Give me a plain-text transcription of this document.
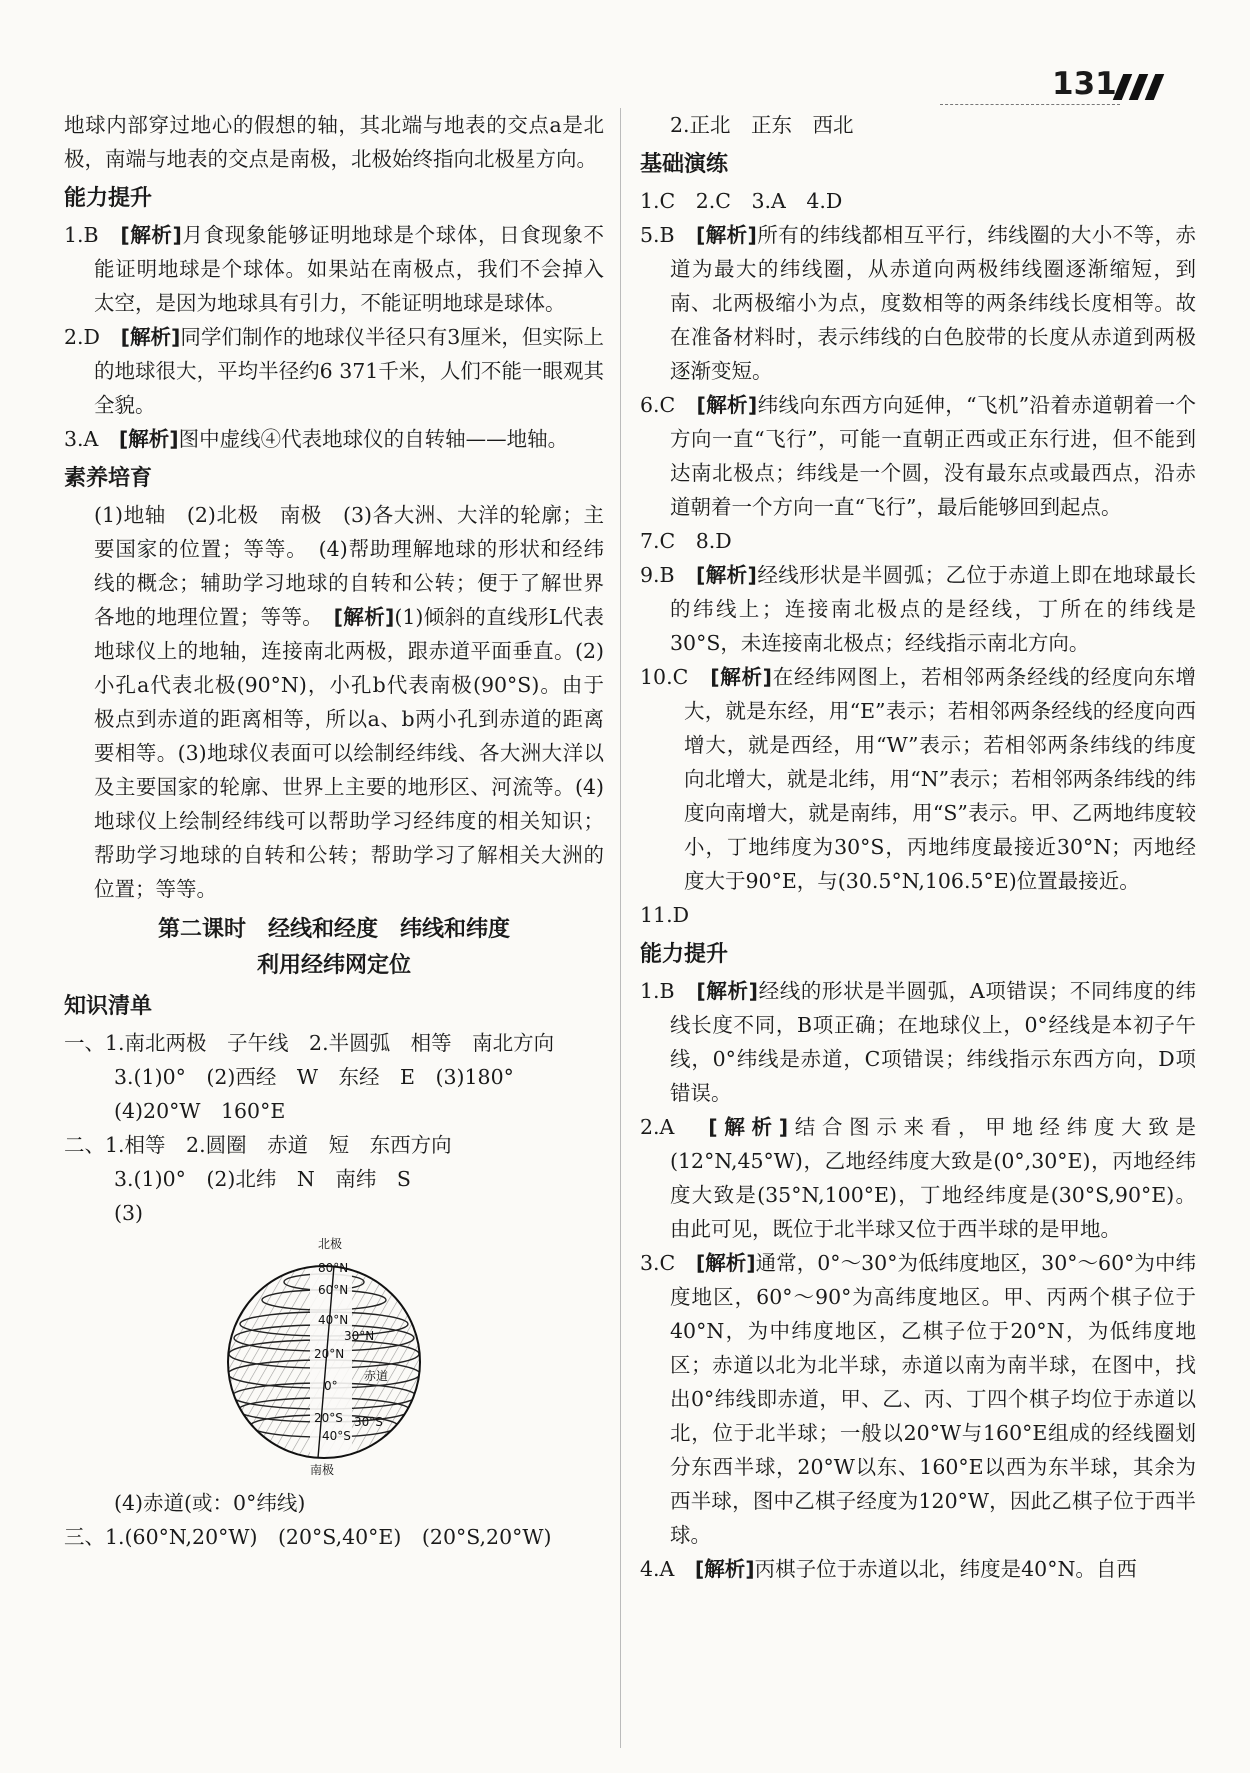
131

地球内部穿过地心的假想的轴，其北端与地表的交点a是北极，南端与地表的交点是南极，北极始终指向北极星方向。

能力提升

1.B　 [解析]月食现象能够证明地球是个球体，日食现象不能证明地球是个球体。如果站在南极点，我们不会掉入太空，是因为地球具有引力，不能证明地球是球体。

2.D　 [解析]同学们制作的地球仪半径只有3厘米，但实际上的地球很大，平均半径约6 371千米，人们不能一眼观其全貌。

3.A　 [解析]图中虚线④代表地球仪的自转轴——地轴。

素养培育

(1)地轴　(2)北极　南极　(3)各大洲、大洋的轮廓；主要国家的位置；等等。　(4)帮助理解地球的形状和经纬线的概念；辅助学习地球的自转和公转；便于了解世界各地的地理位置；等等。　[解析](1)倾斜的直线形L代表地球仪上的地轴，连接南北两极，跟赤道平面垂直。(2)小孔a代表北极(90°N)，小孔b代表南极(90°S)。由于极点到赤道的距离相等，所以a、b两小孔到赤道的距离要相等。(3)地球仪表面可以绘制经纬线、各大洲大洋以及主要国家的轮廓、世界上主要的地形区、河流等。(4)地球仪上绘制经纬线可以帮助学习经纬度的相关知识；帮助学习地球的自转和公转；帮助学习了解相关大洲的位置；等等。

第二课时　经线和经度　纬线和纬度
利用经纬网定位
知识清单

一、1.南北两极　子午线　2.半圆弧　相等　南北方向

3.(1)0°　(2)西经　W　东经　E　(3)180°

(4)20°W　160°E

二、1.相等　2.圆圈　赤道　短　东西方向

3.(1)0°　(2)北纬　N　南纬　S

(3)

北极
80°N
60°N
40°N
30°N
20°N
0°
赤道
20°S 30°S
40°S
南极

(4)赤道(或：0°纬线)

三、1.(60°N,20°W)　(20°S,40°E)　(20°S,20°W)

2.正北　正东　西北

基础演练

1.C　2.C　3.A　4.D

5.B　 [解析]所有的纬线都相互平行，纬线圈的大小不等，赤道为最大的纬线圈，从赤道向两极纬线圈逐渐缩短，到南、北两极缩小为点，度数相等的两条纬线长度相等。故在准备材料时，表示纬线的白色胶带的长度从赤道到两极逐渐变短。

6.C　 [解析]纬线向东西方向延伸，“飞机”沿着赤道朝着一个方向一直“飞行”，可能一直朝正西或正东行进，但不能到达南北极点；纬线是一个圆，没有最东点或最西点，沿赤道朝着一个方向一直“飞行”，最后能够回到起点。

7.C　8.D

9.B　 [解析]经线形状是半圆弧；乙位于赤道上即在地球最长的纬线上；连接南北极点的是经线，丁所在的纬线是30°S，未连接南北极点；经线指示南北方向。

10.C　 [解析]在经纬网图上，若相邻两条经线的经度向东增大，就是东经，用“E”表示；若相邻两条经线的经度向西增大，就是西经，用“W”表示；若相邻两条纬线的纬度向北增大，就是北纬，用“N”表示；若相邻两条纬线的纬度向南增大，就是南纬，用“S”表示。甲、乙两地纬度较小，丁地纬度为30°S，丙地纬度最接近30°N；丙地经度大于90°E，与(30.5°N,106.5°E)位置最接近。

11.D

能力提升

1.B　 [解析]经线的形状是半圆弧，A项错误；不同纬度的纬线长度不同，B项正确；在地球仪上，0°经线是本初子午线，0°纬线是赤道，C项错误；纬线指示东西方向，D项错误。

2.A　 [解析]结合图示来看，甲地经纬度大致是(12°N,45°W)，乙地经纬度大致是(0°,30°E)，丙地经纬度大致是(35°N,100°E)，丁地经纬度是(30°S,90°E)。由此可见，既位于北半球又位于西半球的是甲地。

3.C　 [解析]通常，0°～30°为低纬度地区，30°～60°为中纬度地区，60°～90°为高纬度地区。甲、丙两个棋子位于40°N，为中纬度地区，乙棋子位于20°N，为低纬度地区；赤道以北为北半球，赤道以南为南半球，在图中，找出0°纬线即赤道，甲、乙、丙、丁四个棋子均位于赤道以北，位于北半球；一般以20°W与160°E组成的经线圈划分东西半球，20°W以东、160°E以西为东半球，其余为西半球，图中乙棋子经度为120°W，因此乙棋子位于西半球。

4.A　 [解析]丙棋子位于赤道以北，纬度是40°N。自西
